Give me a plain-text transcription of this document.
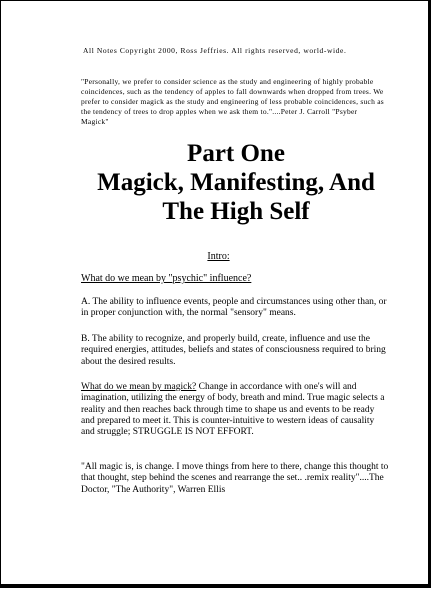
All Notes Copyright 2000, Ross Jeffries. All rights reserved, world-wide.
"Personally, we prefer to consider science as the study and engineering of highly probable coincidences, such as the tendency of apples to fall downwards when dropped from trees. We prefer to consider magick as the study and engineering of less probable coincidences, such as the tendency of trees to drop apples when we ask them to."....Peter J. Carroll "Psyber Magick"
Part One
Magick, Manifesting, And
The High Self
Intro:
What do we mean by "psychic" influence?
A. The ability to influence events, people and circumstances using other than, or in proper conjunction with, the normal "sensory" means.
B. The ability to recognize, and properly build, create, influence and use the required energies, attitudes, beliefs and states of consciousness required to bring about the desired results.
What do we mean by magick? Change in accordance with one's will and imagination, utilizing the energy of body, breath and mind. True magic selects a reality and then reaches back through time to shape us and events to be ready and prepared to meet it. This is counter-intuitive to western ideas of causality and struggle; STRUGGLE IS NOT EFFORT.
"All magic is, is change. I move things from here to there, change this thought to that thought, step behind the scenes and rearrange the set.. .remix reality"....The Doctor, "The Authority", Warren Ellis
